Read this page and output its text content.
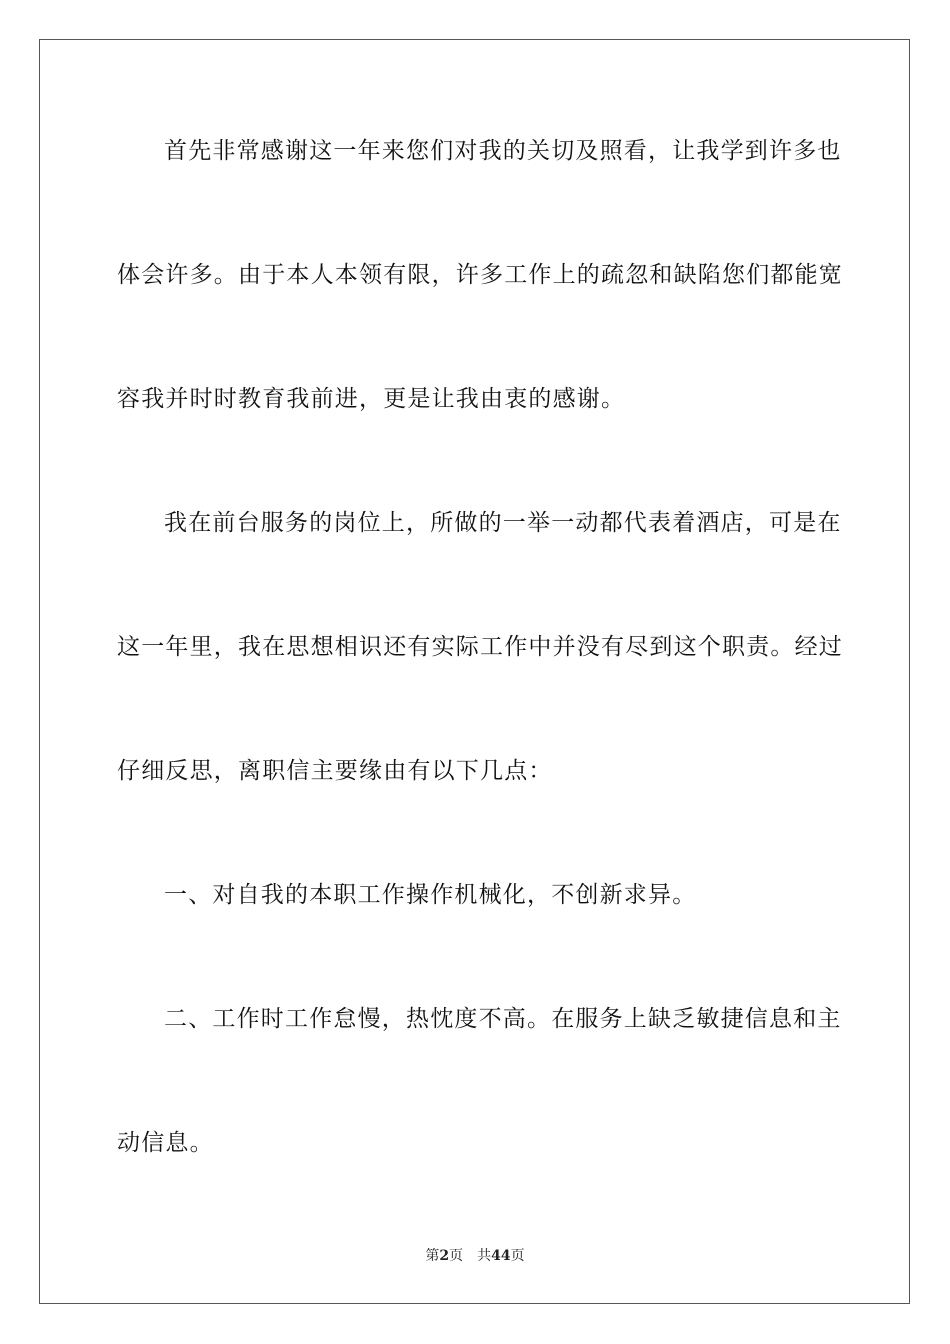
首先非常感谢这一年来您们对我的关切及照看，让我学到许多也
体会许多。由于本人本领有限，许多工作上的疏忽和缺陷您们都能宽
容我并时时教育我前进，更是让我由衷的感谢。
我在前台服务的岗位上，所做的一举一动都代表着酒店，可是在
这一年里，我在思想相识还有实际工作中并没有尽到这个职责。经过
仔细反思，离职信主要缘由有以下几点：
一、对自我的本职工作操作机械化，不创新求异。
二、工作时工作怠慢，热忱度不高。在服务上缺乏敏捷信息和主
动信息。
第2页 共44页
